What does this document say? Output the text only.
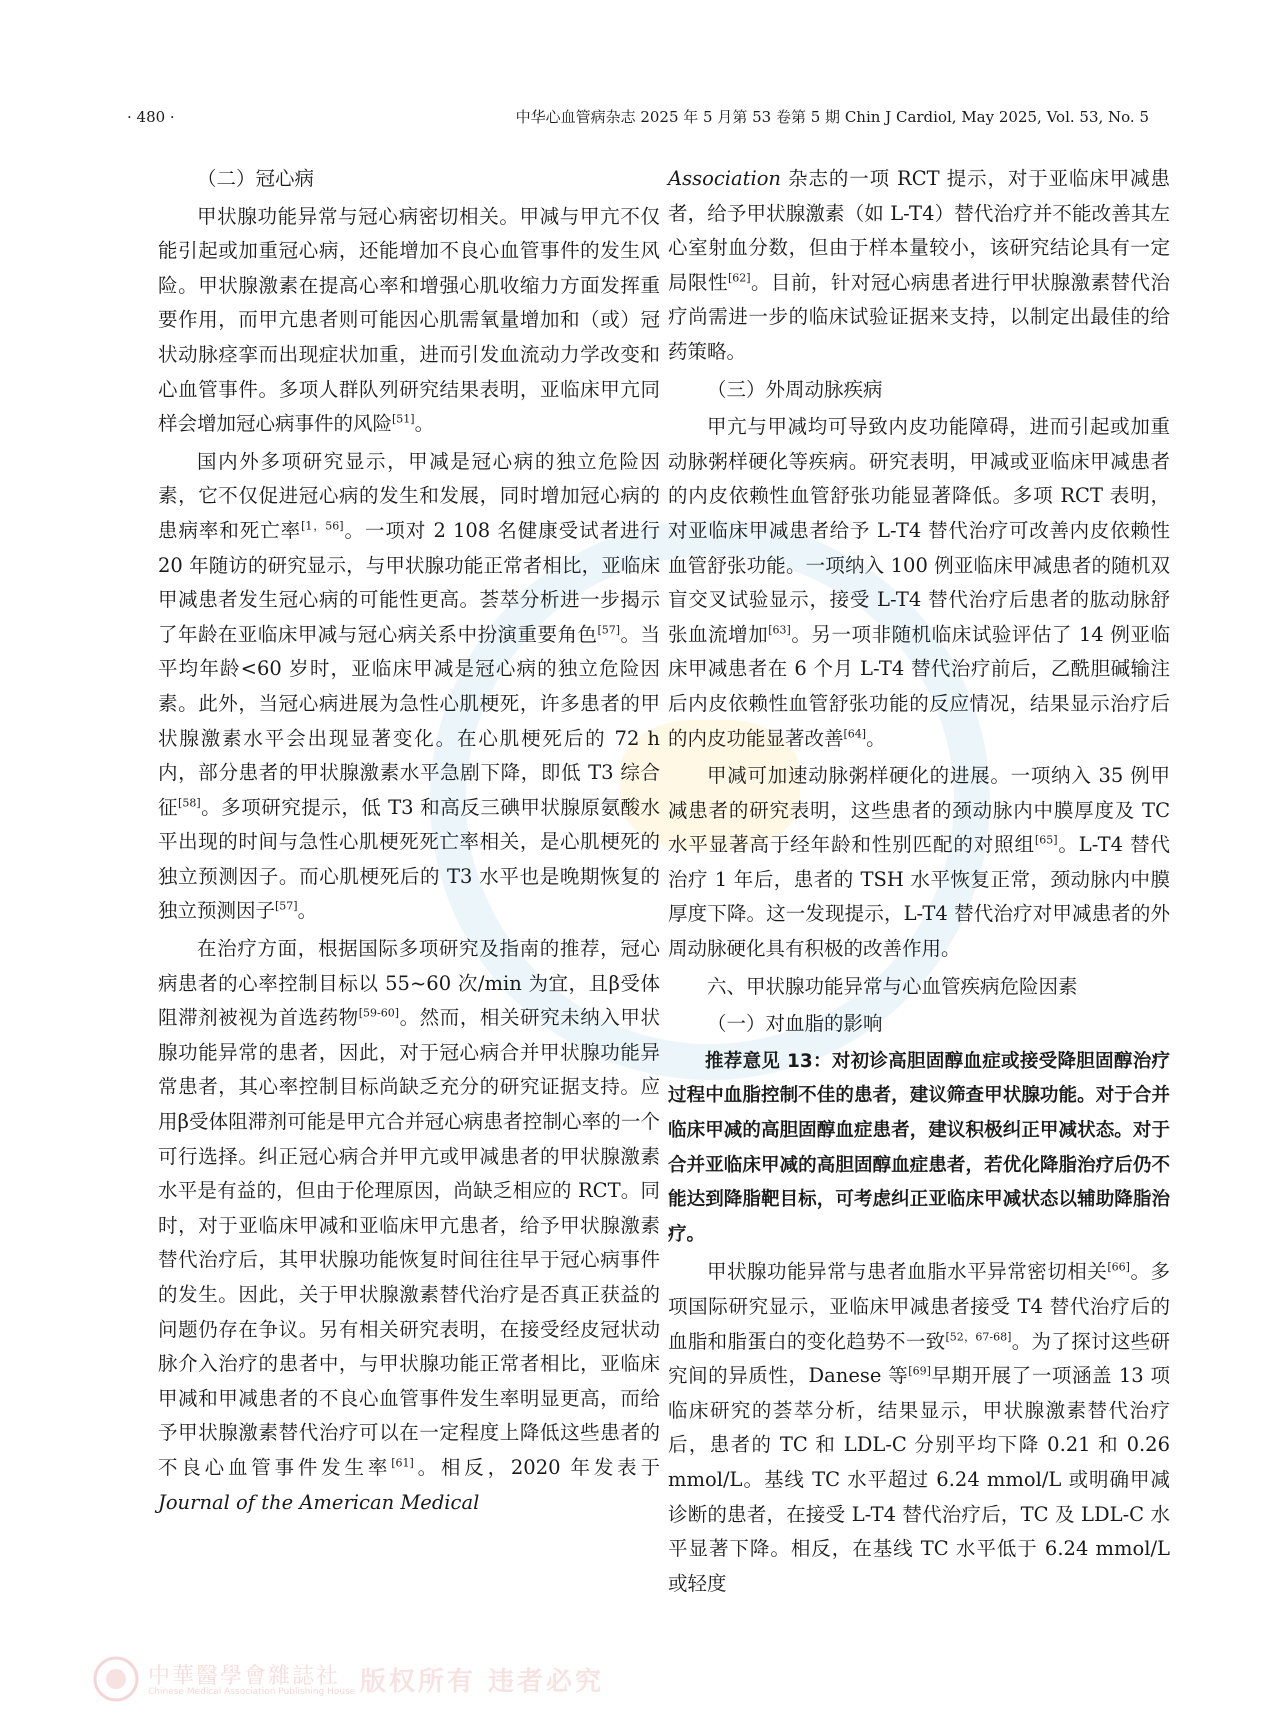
· 480 ·	中华心血管病杂志 2025 年 5 月第 53 卷第 5 期 Chin J Cardiol, May 2025, Vol. 53, No. 5

（二）冠心病

甲状腺功能异常与冠心病密切相关。甲减与甲亢不仅能引起或加重冠心病，还能增加不良心血管事件的发生风险。甲状腺激素在提高心率和增强心肌收缩力方面发挥重要作用，而甲亢患者则可能因心肌需氧量增加和（或）冠状动脉痉挛而出现症状加重，进而引发血流动力学改变和心血管事件。多项人群队列研究结果表明，亚临床甲亢同样会增加冠心病事件的风险[51]。

国内外多项研究显示，甲减是冠心病的独立危险因素，它不仅促进冠心病的发生和发展，同时增加冠心病的患病率和死亡率[1，56]。一项对 2 108 名健康受试者进行 20 年随访的研究显示，与甲状腺功能正常者相比，亚临床甲减患者发生冠心病的可能性更高。荟萃分析进一步揭示了年龄在亚临床甲减与冠心病关系中扮演重要角色[57]。当平均年龄<60 岁时，亚临床甲减是冠心病的独立危险因素。此外，当冠心病进展为急性心肌梗死，许多患者的甲状腺激素水平会出现显著变化。在心肌梗死后的 72 h 内，部分患者的甲状腺激素水平急剧下降，即低 T3 综合征[58]。多项研究提示，低 T3 和高反三碘甲状腺原氨酸水平出现的时间与急性心肌梗死死亡率相关，是心肌梗死的独立预测因子。而心肌梗死后的 T3 水平也是晚期恢复的独立预测因子[57]。

在治疗方面，根据国际多项研究及指南的推荐，冠心病患者的心率控制目标以 55~60 次/min 为宜，且β受体阻滞剂被视为首选药物[59-60]。然而，相关研究未纳入甲状腺功能异常的患者，因此，对于冠心病合并甲状腺功能异常患者，其心率控制目标尚缺乏充分的研究证据支持。应用β受体阻滞剂可能是甲亢合并冠心病患者控制心率的一个可行选择。纠正冠心病合并甲亢或甲减患者的甲状腺激素水平是有益的，但由于伦理原因，尚缺乏相应的 RCT。同时，对于亚临床甲减和亚临床甲亢患者，给予甲状腺激素替代治疗后，其甲状腺功能恢复时间往往早于冠心病事件的发生。因此，关于甲状腺激素替代治疗是否真正获益的问题仍存在争议。另有相关研究表明，在接受经皮冠状动脉介入治疗的患者中，与甲状腺功能正常者相比，亚临床甲减和甲减患者的不良心血管事件发生率明显更高，而给予甲状腺激素替代治疗可以在一定程度上降低这些患者的不良心血管事件发生率[61]。相反，2020 年发表于 Journal of the American Medical

Association 杂志的一项 RCT 提示，对于亚临床甲减患者，给予甲状腺激素（如 L-T4）替代治疗并不能改善其左心室射血分数，但由于样本量较小，该研究结论具有一定局限性[62]。目前，针对冠心病患者进行甲状腺激素替代治疗尚需进一步的临床试验证据来支持，以制定出最佳的给药策略。

（三）外周动脉疾病

甲亢与甲减均可导致内皮功能障碍，进而引起或加重动脉粥样硬化等疾病。研究表明，甲减或亚临床甲减患者的内皮依赖性血管舒张功能显著降低。多项 RCT 表明，对亚临床甲减患者给予 L-T4 替代治疗可改善内皮依赖性血管舒张功能。一项纳入 100 例亚临床甲减患者的随机双盲交叉试验显示，接受 L-T4 替代治疗后患者的肱动脉舒张血流增加[63]。另一项非随机临床试验评估了 14 例亚临床甲减患者在 6 个月 L-T4 替代治疗前后，乙酰胆碱输注后内皮依赖性血管舒张功能的反应情况，结果显示治疗后的内皮功能显著改善[64]。

甲减可加速动脉粥样硬化的进展。一项纳入 35 例甲减患者的研究表明，这些患者的颈动脉内中膜厚度及 TC 水平显著高于经年龄和性别匹配的对照组[65]。L-T4 替代治疗 1 年后，患者的 TSH 水平恢复正常，颈动脉内中膜厚度下降。这一发现提示，L-T4 替代治疗对甲减患者的外周动脉硬化具有积极的改善作用。

六、甲状腺功能异常与心血管疾病危险因素

（一）对血脂的影响

推荐意见 13：对初诊高胆固醇血症或接受降胆固醇治疗过程中血脂控制不佳的患者，建议筛查甲状腺功能。对于合并临床甲减的高胆固醇血症患者，建议积极纠正甲减状态。对于合并亚临床甲减的高胆固醇血症患者，若优化降脂治疗后仍不能达到降脂靶目标，可考虑纠正亚临床甲减状态以辅助降脂治疗。

甲状腺功能异常与患者血脂水平异常密切相关[66]。多项国际研究显示，亚临床甲减患者接受 T4 替代治疗后的血脂和脂蛋白的变化趋势不一致[52，67-68]。为了探讨这些研究间的异质性，Danese 等[69]早期开展了一项涵盖 13 项临床研究的荟萃分析，结果显示，甲状腺激素替代治疗后，患者的 TC 和 LDL-C 分别平均下降 0.21 和 0.26 mmol/L。基线 TC 水平超过 6.24 mmol/L 或明确甲减诊断的患者，在接受 L-T4 替代治疗后，TC 及 LDL-C 水平显著下降。相反，在基线 TC 水平低于 6.24 mmol/L 或轻度

中華醫學會雜誌社
Chinese Medical Association Publishing House 版权所有 违者必究
